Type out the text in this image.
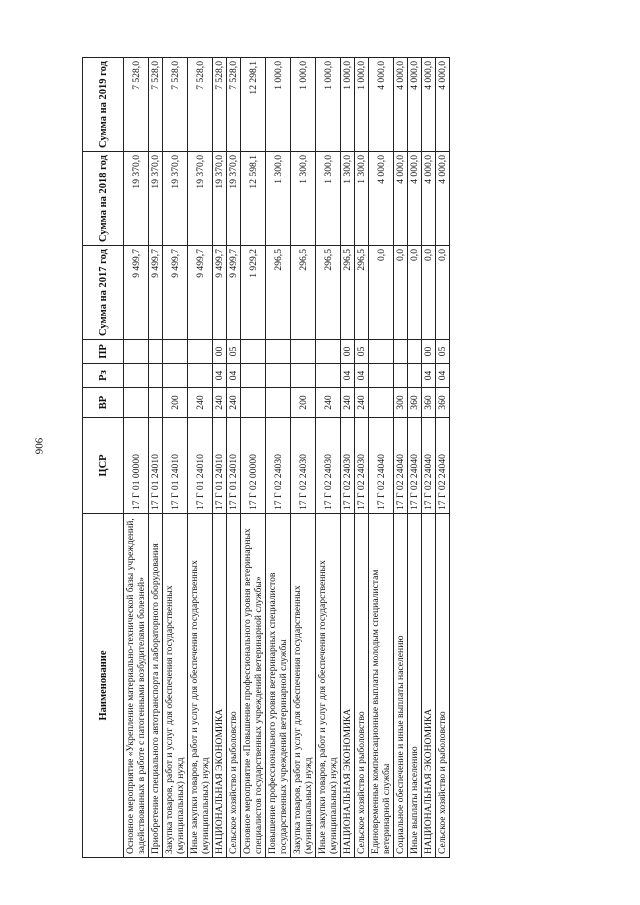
906
Наименование	ЦСР	ВР	Рз	ПР	Сумма на 2017 год	Сумма на 2018 год	Сумма на 2019 год
Основное мероприятие «Укрепление материально-технической базы учреждений, задействованных в работе с патогенными возбудителями болезней»	17 Г 01 00000				9 499,7	19 370,0	7 528,0
Приобретение специального автотранспорта и лабораторного оборудования	17 Г 01 24010				9 499,7	19 370,0	7 528,0
Закупка товаров, работ и услуг для обеспечения государственных (муниципальных) нужд	17 Г 01 24010	200			9 499,7	19 370,0	7 528,0
Иные закупки товаров, работ и услуг для обеспечения государственных (муниципальных) нужд	17 Г 01 24010	240			9 499,7	19 370,0	7 528,0
НАЦИОНАЛЬНАЯ ЭКОНОМИКА	17 Г 01 24010	240	04	00	9 499,7	19 370,0	7 528,0
Сельское хозяйство и рыболовство	17 Г 01 24010	240	04	05	9 499,7	19 370,0	7 528,0
Основное мероприятие «Повышение профессионального уровня ветеринарных специалистов государственных учреждений ветеринарной службы»	17 Г 02 00000				1 929,2	12 598,1	12 298,1
Повышение профессионального уровня ветеринарных специалистов государственных учреждений ветеринарной службы	17 Г 02 24030				296,5	1 300,0	1 000,0
Закупка товаров, работ и услуг для обеспечения государственных (муниципальных) нужд	17 Г 02 24030	200			296,5	1 300,0	1 000,0
Иные закупки товаров, работ и услуг для обеспечения государственных (муниципальных) нужд	17 Г 02 24030	240			296,5	1 300,0	1 000,0
НАЦИОНАЛЬНАЯ ЭКОНОМИКА	17 Г 02 24030	240	04	00	296,5	1 300,0	1 000,0
Сельское хозяйство и рыболовство	17 Г 02 24030	240	04	05	296,5	1 300,0	1 000,0
Единовременные компенсационные выплаты молодым специалистам ветеринарной службы	17 Г 02 24040				0,0	4 000,0	4 000,0
Социальное обеспечение и иные выплаты населению	17 Г 02 24040	300			0,0	4 000,0	4 000,0
Иные выплаты населению	17 Г 02 24040	360			0,0	4 000,0	4 000,0
НАЦИОНАЛЬНАЯ ЭКОНОМИКА	17 Г 02 24040	360	04	00	0,0	4 000,0	4 000,0
Сельское хозяйство и рыболовство	17 Г 02 24040	360	04	05	0,0	4 000,0	4 000,0
